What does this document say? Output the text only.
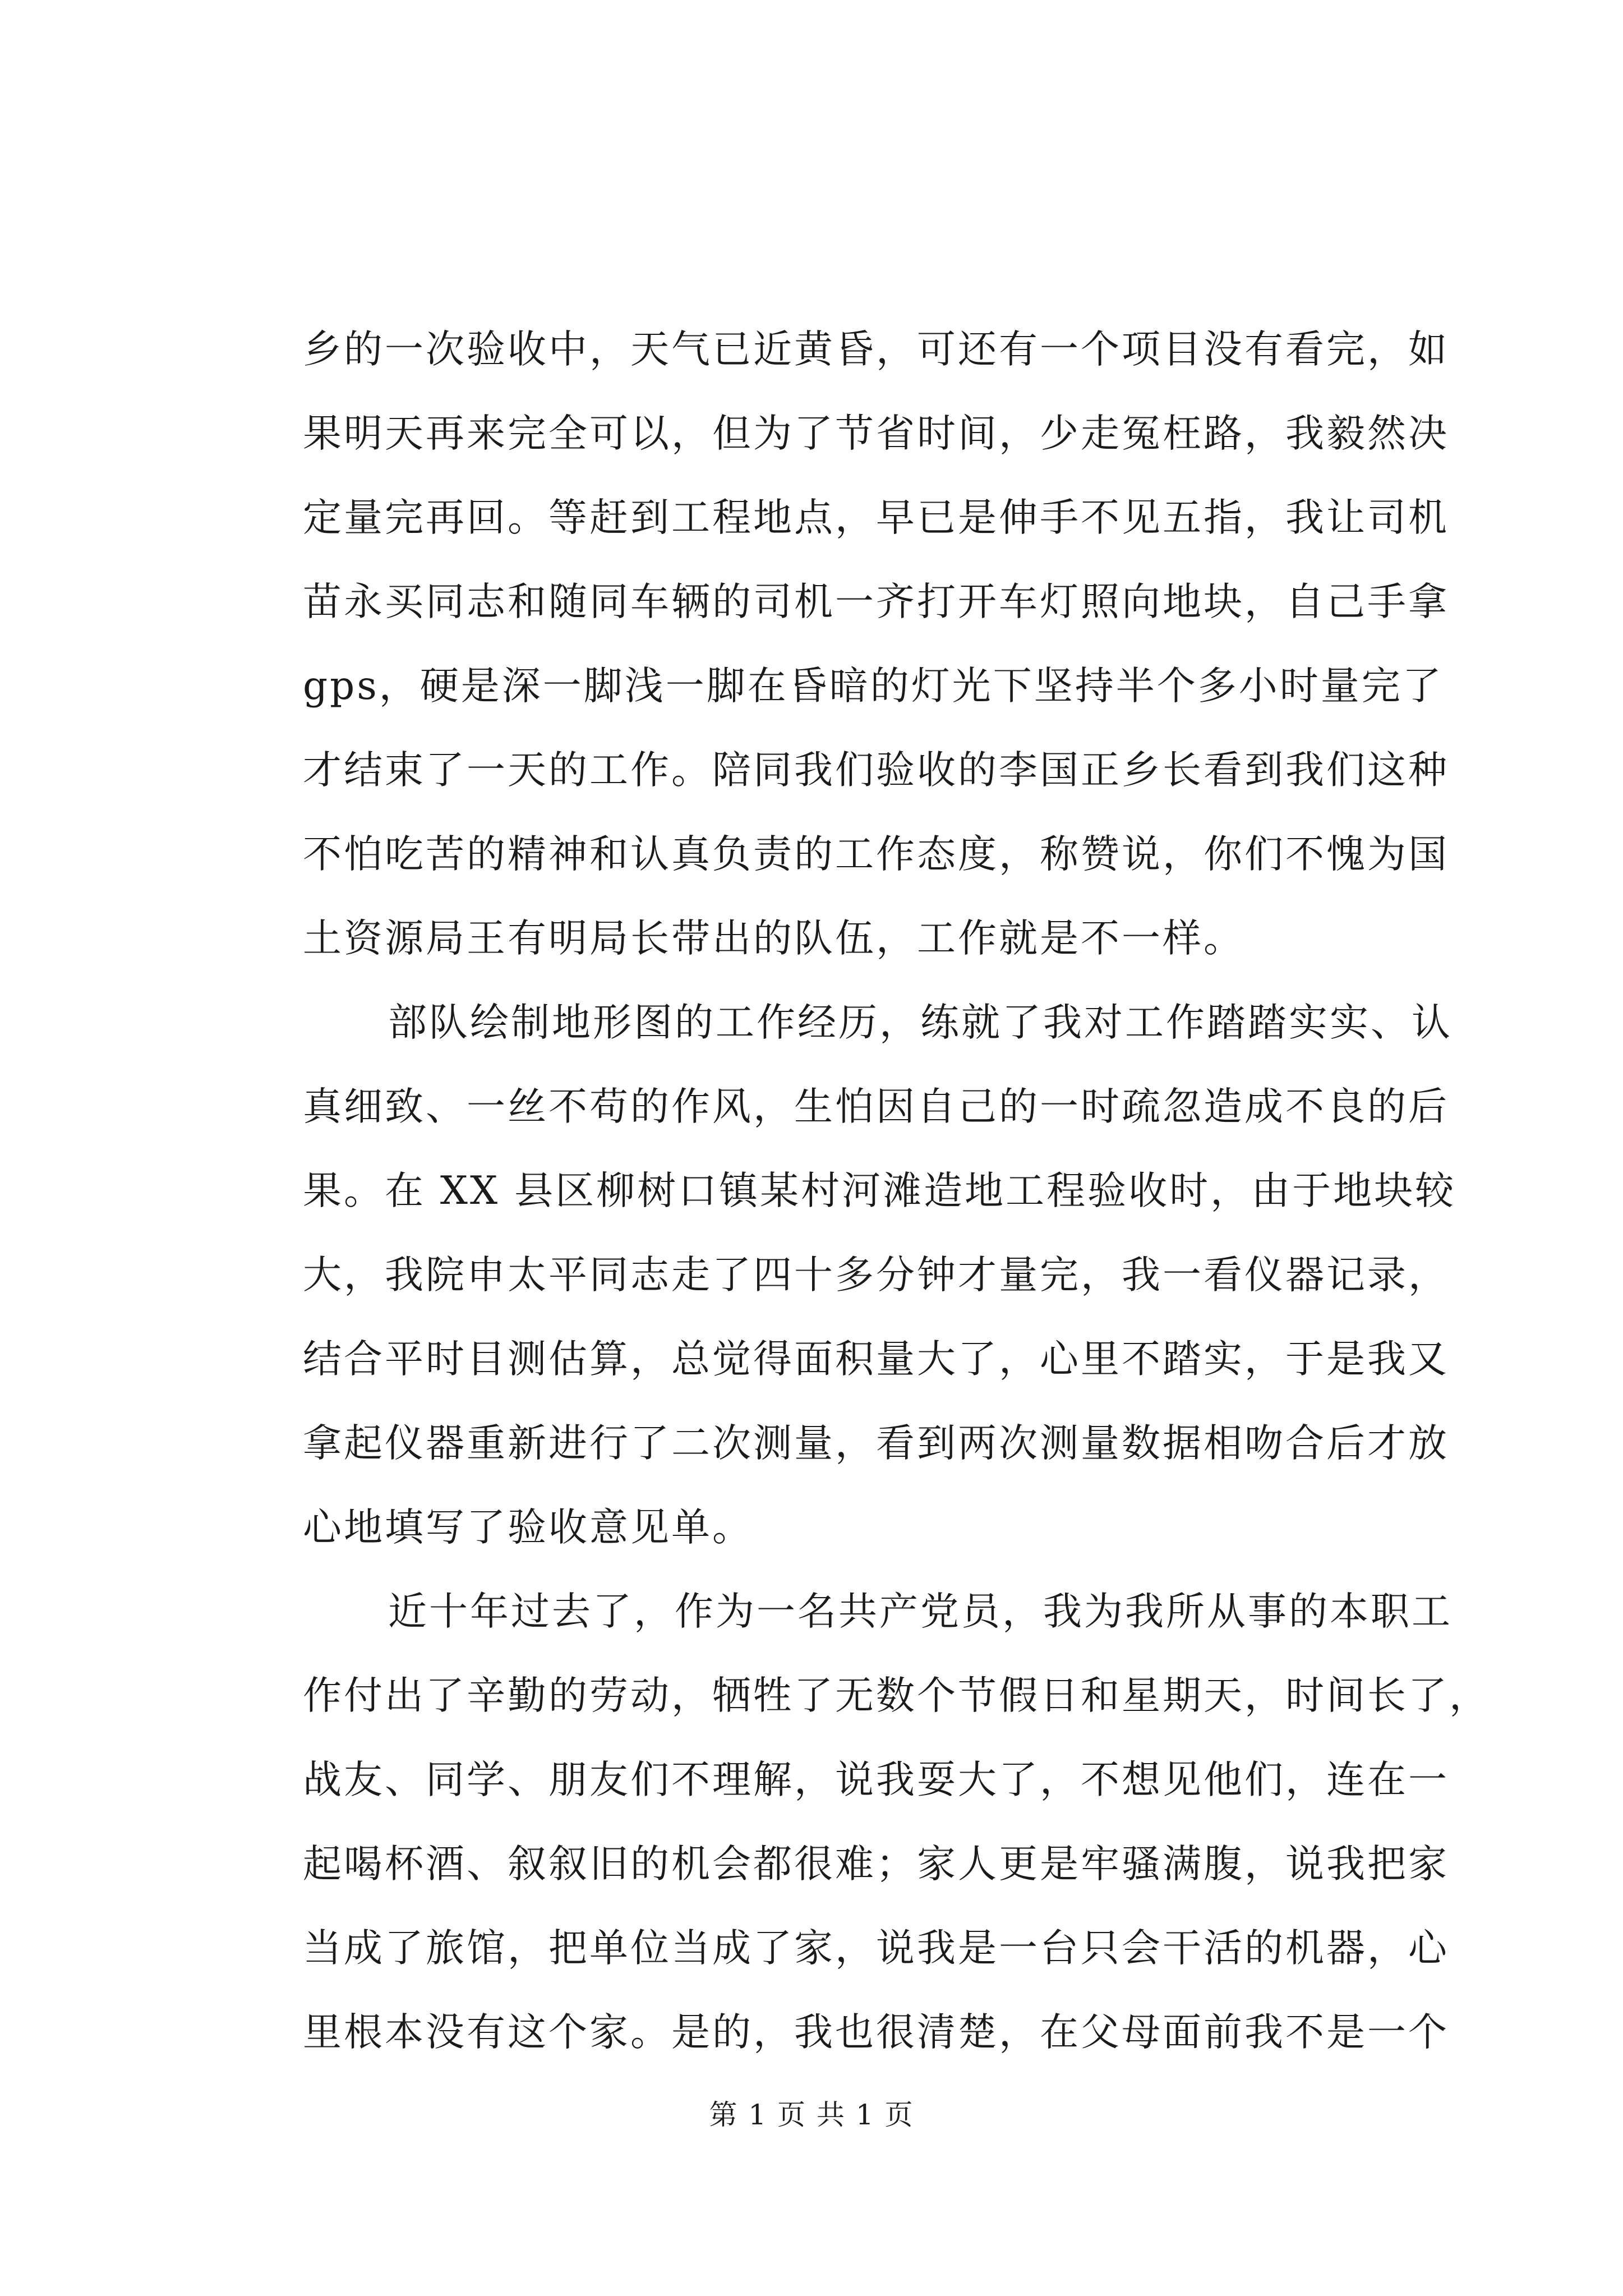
乡的一次验收中，天气已近黄昏，可还有一个项目没有看完，如
果明天再来完全可以，但为了节省时间，少走冤枉路，我毅然决
定量完再回。等赶到工程地点，早已是伸手不见五指，我让司机
苗永买同志和随同车辆的司机一齐打开车灯照向地块，自己手拿
gps，硬是深一脚浅一脚在昏暗的灯光下坚持半个多小时量完了
才结束了一天的工作。陪同我们验收的李国正乡长看到我们这种
不怕吃苦的精神和认真负责的工作态度，称赞说，你们不愧为国
土资源局王有明局长带出的队伍，工作就是不一样。
部队绘制地形图的工作经历，练就了我对工作踏踏实实、认
真细致、一丝不苟的作风，生怕因自己的一时疏忽造成不良的后
果。在 XX 县区柳树口镇某村河滩造地工程验收时，由于地块较
大，我院申太平同志走了四十多分钟才量完，我一看仪器记录，
结合平时目测估算，总觉得面积量大了，心里不踏实，于是我又
拿起仪器重新进行了二次测量，看到两次测量数据相吻合后才放
心地填写了验收意见单。
近十年过去了，作为一名共产党员，我为我所从事的本职工
作付出了辛勤的劳动，牺牲了无数个节假日和星期天，时间长了，
战友、同学、朋友们不理解，说我耍大了，不想见他们，连在一
起喝杯酒、叙叙旧的机会都很难；家人更是牢骚满腹，说我把家
当成了旅馆，把单位当成了家，说我是一台只会干活的机器，心
里根本没有这个家。是的，我也很清楚，在父母面前我不是一个
第 1 页 共 1 页
